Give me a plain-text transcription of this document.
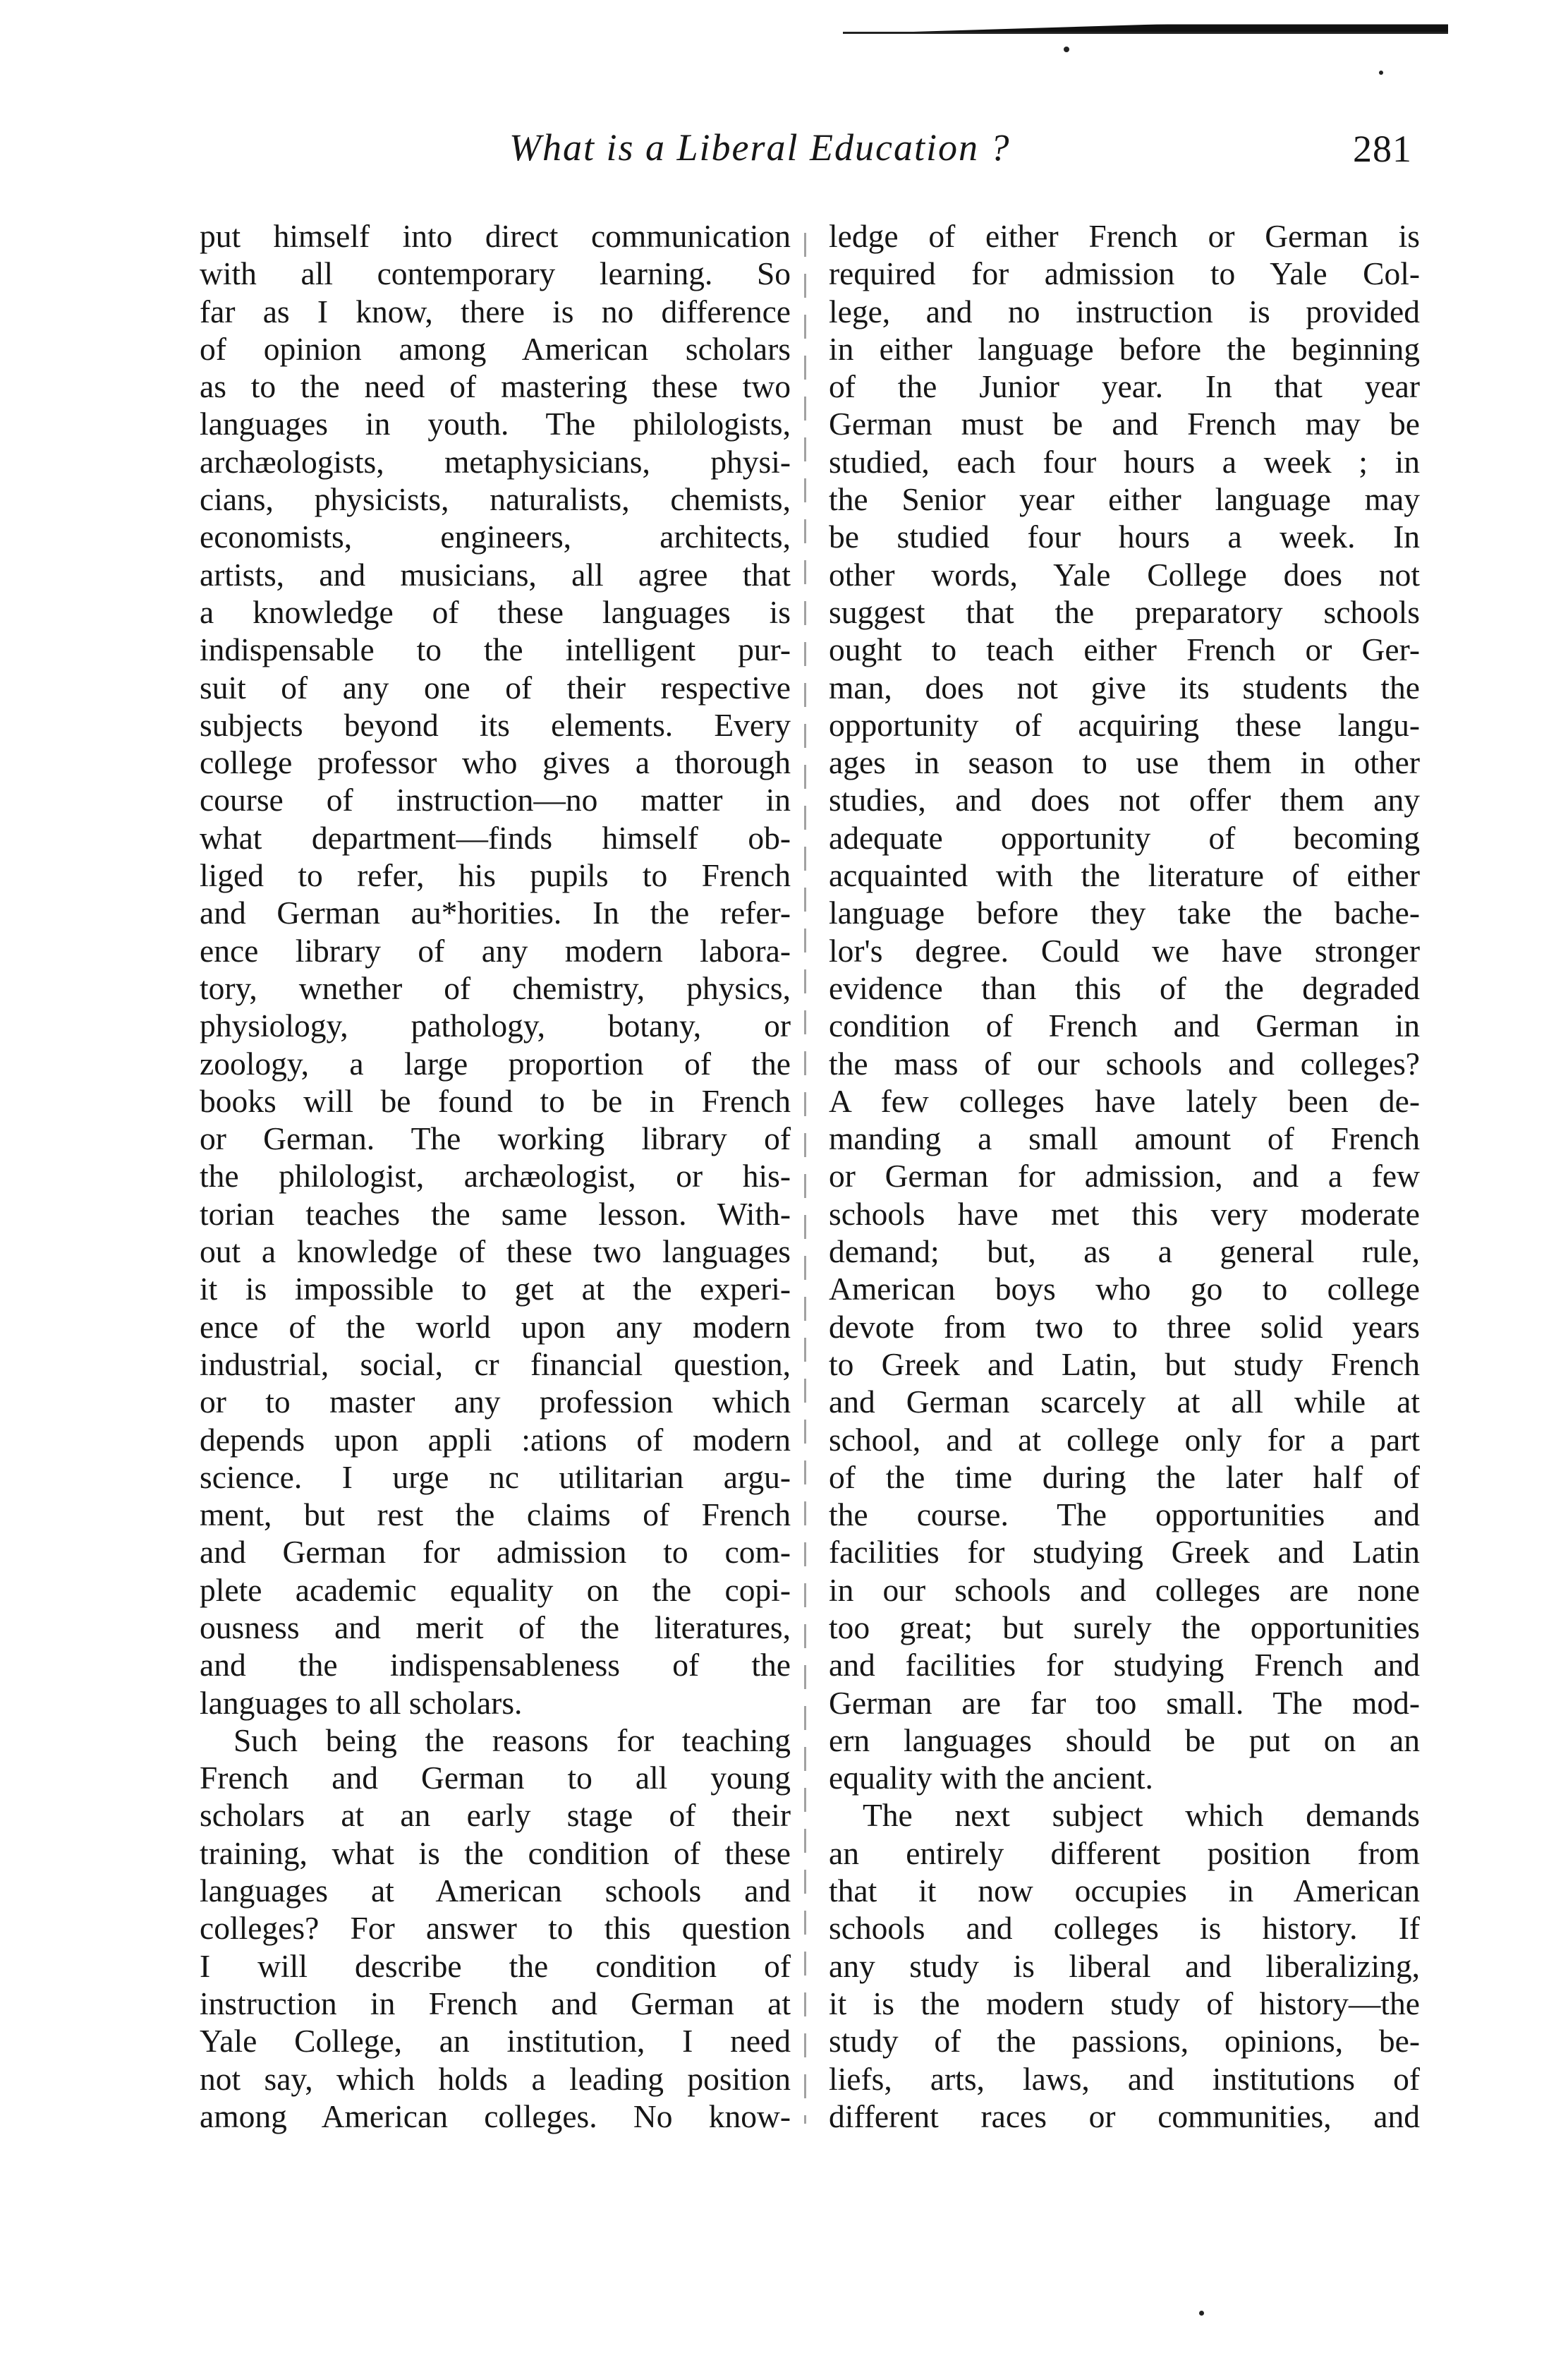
What is a Liberal Education ?	281
put himself into direct communication
with all contemporary learning. So
far as I know, there is no difference
of opinion among American scholars
as to the need of mastering these two
languages in youth. The philologists,
archæologists, metaphysicians, physi-
cians, physicists, naturalists, chemists,
economists, engineers, architects,
artists, and musicians, all agree that
a knowledge of these languages is
indispensable to the intelligent pur-
suit of any one of their respective
subjects beyond its elements. Every
college professor who gives a thorough
course of instruction—no matter in
what department—finds himself ob-
liged to refer, his pupils to French
and German au*horities. In the refer-
ence library of any modern labora-
tory, wnether of chemistry, physics,
physiology, pathology, botany, or
zoology, a large proportion of the
books will be found to be in French
or German. The working library of
the philologist, archæologist, or his-
torian teaches the same lesson. With-
out a knowledge of these two languages
it is impossible to get at the experi-
ence of the world upon any modern
industrial, social, cr financial question,
or to master any profession which
depends upon appli :ations of modern
science. I urge nc utilitarian argu-
ment, but rest the claims of French
and German for admission to com-
plete academic equality on the copi-
ousness and merit of the literatures,
and the indispensableness of the
languages to all scholars.
Such being the reasons for teaching
French and German to all young
scholars at an early stage of their
training, what is the condition of these
languages at American schools and
colleges? For answer to this question
I will describe the condition of
instruction in French and German at
Yale College, an institution, I need
not say, which holds a leading position
among American colleges. No know-
ledge of either French or German is
required for admission to Yale Col-
lege, and no instruction is provided
in either language before the beginning
of the Junior year. In that year
German must be and French may be
studied, each four hours a week ; in
the Senior year either language may
be studied four hours a week. In
other words, Yale College does not
suggest that the preparatory schools
ought to teach either French or Ger-
man, does not give its students the
opportunity of acquiring these langu-
ages in season to use them in other
studies, and does not offer them any
adequate opportunity of becoming
acquainted with the literature of either
language before they take the bache-
lor's degree. Could we have stronger
evidence than this of the degraded
condition of French and German in
the mass of our schools and colleges?
A few colleges have lately been de-
manding a small amount of French
or German for admission, and a few
schools have met this very moderate
demand; but, as a general rule,
American boys who go to college
devote from two to three solid years
to Greek and Latin, but study French
and German scarcely at all while at
school, and at college only for a part
of the time during the later half of
the course. The opportunities and
facilities for studying Greek and Latin
in our schools and colleges are none
too great; but surely the opportunities
and facilities for studying French and
German are far too small. The mod-
ern languages should be put on an
equality with the ancient.
The next subject which demands
an entirely different position from
that it now occupies in American
schools and colleges is history. If
any study is liberal and liberalizing,
it is the modern study of history—the
study of the passions, opinions, be-
liefs, arts, laws, and institutions of
different races or communities, and
